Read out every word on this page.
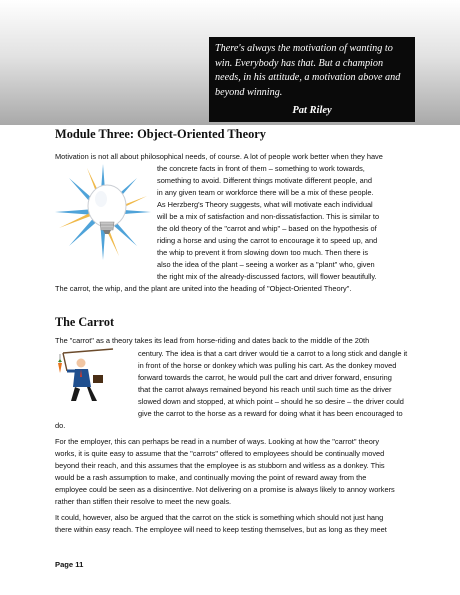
There's always the motivation of wanting to win. Everybody has that. But a champion needs, in his attitude, a motivation above and beyond winning.
Pat Riley
Module Three: Object-Oriented Theory
Motivation is not all about philosophical needs, of course. A lot of people work better when they have
the concrete facts in front of them – something to work towards,
something to avoid. Different things motivate different people, and
in any given team or workforce there will be a mix of these people.
As Herzberg's Theory suggests, what will motivate each individual
will be a mix of satisfaction and non-dissatisfaction. This is similar to
the old theory of the "carrot and whip" – based on the hypothesis of
riding a horse and using the carrot to encourage it to speed up, and
the whip to prevent it from slowing down too much. Then there is
also the idea of the plant – seeing a worker as a "plant" who, given
the right mix of the already-discussed factors, will flower beautifully.
The carrot, the whip, and the plant are united into the heading of "Object-Oriented Theory".
The Carrot
The "carrot" as a theory takes its lead from horse-riding and dates back to the middle of the 20th
century. The idea is that a cart driver would tie a carrot to a long stick and dangle it
in front of the horse or donkey which was pulling his cart. As the donkey moved
forward towards the carrot, he would pull the cart and driver forward, ensuring
that the carrot always remained beyond his reach until such time as the driver
slowed down and stopped, at which point – should he so desire – the driver could
give the carrot to the horse as a reward for doing what it has been encouraged to
do.
For the employer, this can perhaps be read in a number of ways. Looking at how the "carrot" theory
works, it is quite easy to assume that the "carrots" offered to employees should be continually moved
beyond their reach, and this assumes that the employee is as stubborn and witless as a donkey. This
would be a rash assumption to make, and continually moving the point of reward away from the
employee could be seen as a disincentive. Not delivering on a promise is always likely to annoy workers
rather than stiffen their resolve to meet the new goals.
It could, however, also be argued that the carrot on the stick is something which should not just hang
there within easy reach. The employee will need to keep testing themselves, but as long as they meet
Page 11
